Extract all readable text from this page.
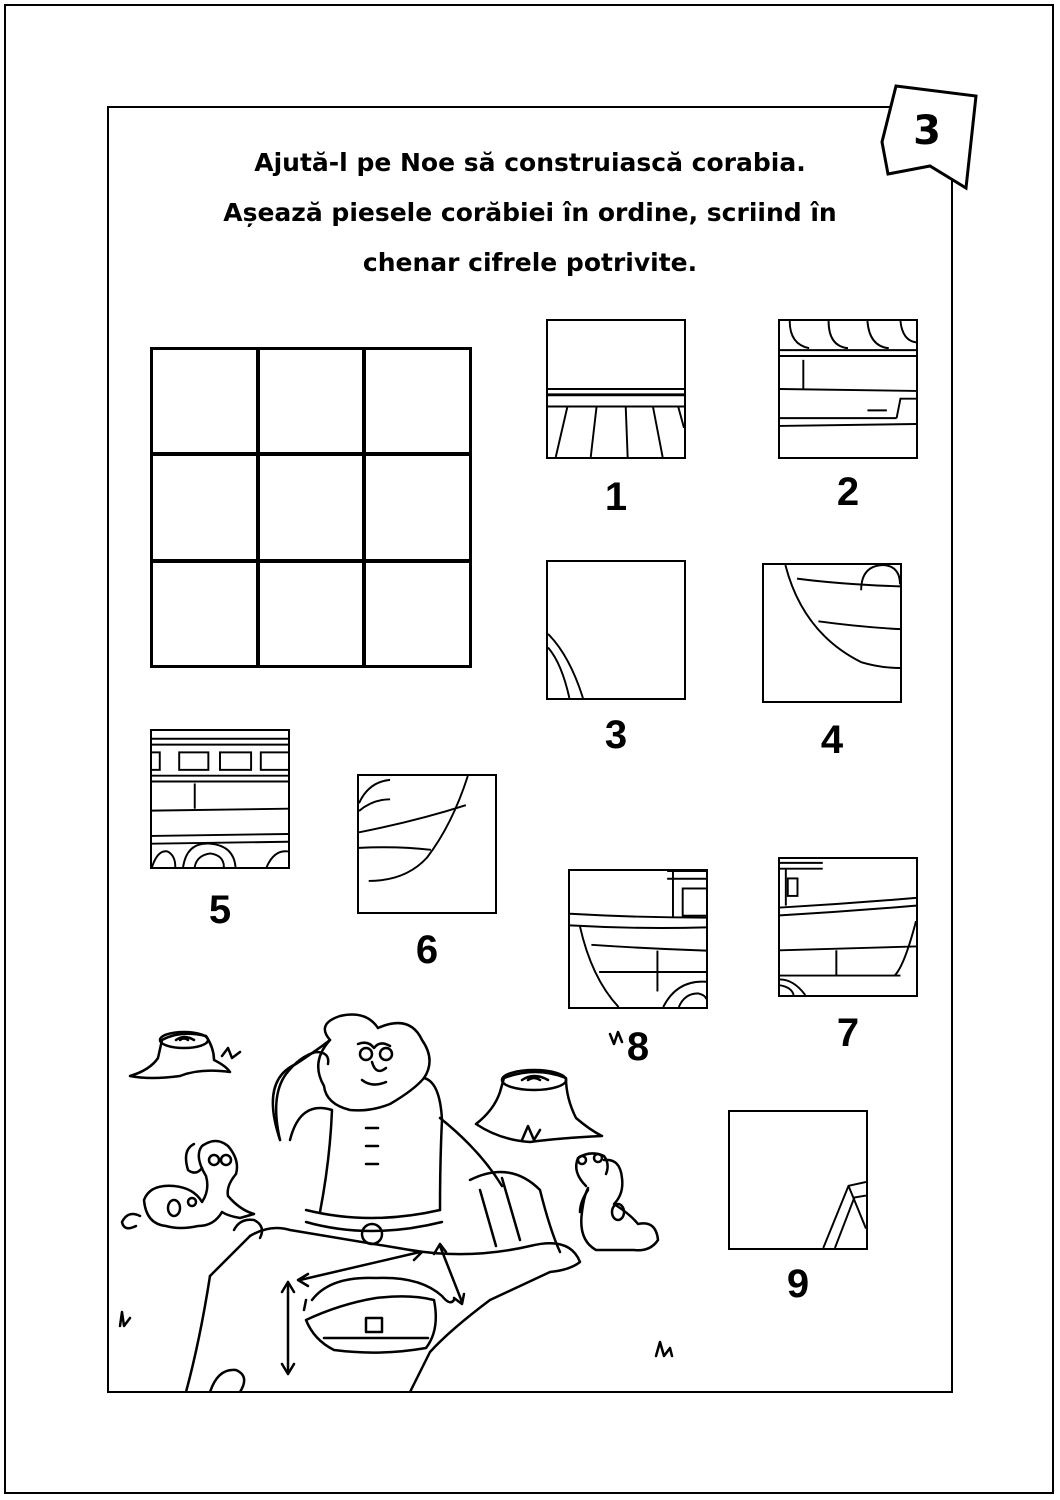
3
Ajută-l pe Noe să construiască corabia.
Așează piesele corăbiei în ordine, scriind în
chenar cifrele potrivite.
1	2
3	4
5
6
8	7
9
